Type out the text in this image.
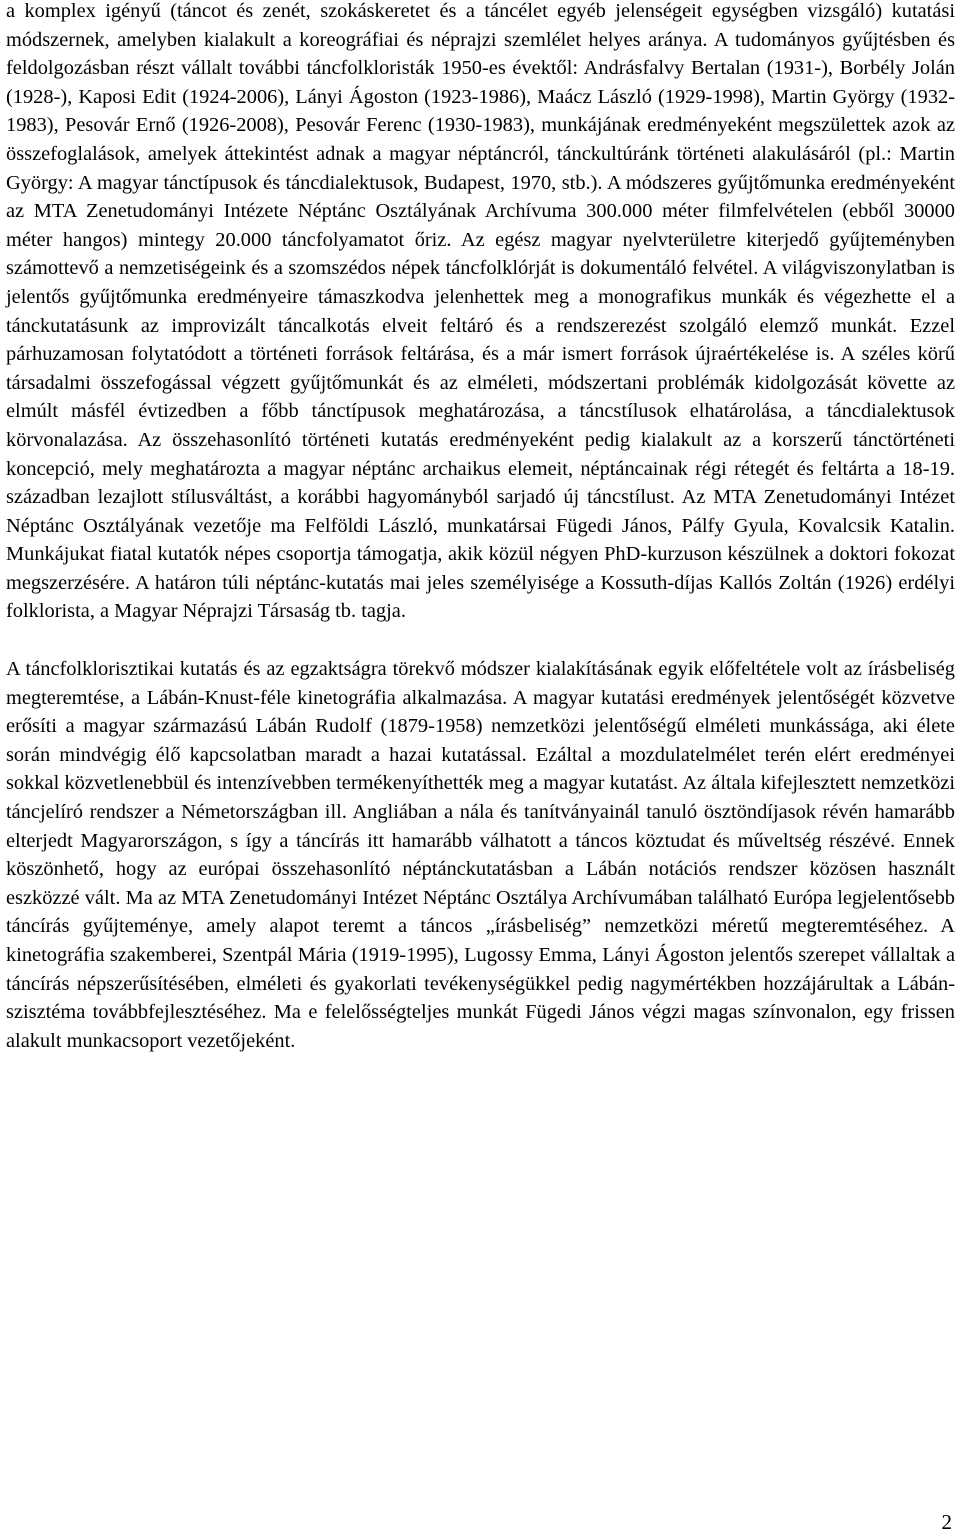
a komplex igényű (táncot és zenét, szokáskeretet és a táncélet egyéb jelenségeit egységben vizsgáló) kutatási módszernek, amelyben kialakult a koreográfiai és néprajzi szemlélet helyes aránya. A tudományos gyűjtésben és feldolgozásban részt vállalt további táncfolkloristák 1950-es évektől: Andrásfalvy Bertalan (1931-), Borbély Jolán (1928-), Kaposi Edit (1924-2006), Lányi Ágoston (1923-1986), Maácz László (1929-1998), Martin György (1932-1983), Pesovár Ernő (1926-2008), Pesovár Ferenc (1930-1983), munkájának eredményeként megszülettek azok az összefoglalások, amelyek áttekintést adnak a magyar néptáncról, tánckultúránk történeti alakulásáról (pl.: Martin György: A magyar tánctípusok és táncdialektusok, Budapest, 1970, stb.). A módszeres gyűjtőmunka eredményeként az MTA Zenetudományi Intézete Néptánc Osztályának Archívuma 300.000 méter filmfelvételen (ebből 30000 méter hangos) mintegy 20.000 táncfolyamatot őriz. Az egész magyar nyelvterületre kiterjedő gyűjteményben számottevő a nemzetiségeink és a szomszédos népek táncfolklórját is dokumentáló felvétel. A világviszonylatban is jelentős gyűjtőmunka eredményeire támaszkodva jelenhettek meg a monografikus munkák és végezhette el a tánckutatásunk az improvizált táncalkotás elveit feltáró és a rendszerezést szolgáló elemző munkát. Ezzel párhuzamosan folytatódott a történeti források feltárása, és a már ismert források újraértékelése is. A széles körű társadalmi összefogással végzett gyűjtőmunkát és az elméleti, módszertani problémák kidolgozását követte az elmúlt másfél évtizedben a főbb tánctípusok meghatározása, a táncstílusok elhatárolása, a táncdialektusok körvonalazása. Az összehasonlító történeti kutatás eredményeként pedig kialakult az a korszerű tánctörténeti koncepció, mely meghatározta a magyar néptánc archaikus elemeit, néptáncainak régi rétegét és feltárta a 18-19. században lezajlott stílusváltást, a korábbi hagyományból sarjadó új táncstílust. Az MTA Zenetudományi Intézet Néptánc Osztályának vezetője ma Felföldi László, munkatársai Fügedi János, Pálfy Gyula, Kovalcsik Katalin. Munkájukat fiatal kutatók népes csoportja támogatja, akik közül négyen PhD-kurzuson készülnek a doktori fokozat megszerzésére. A határon túli néptánc-kutatás mai jeles személyisége a Kossuth-díjas Kallós Zoltán (1926) erdélyi folklorista, a Magyar Néprajzi Társaság tb. tagja.

A táncfolklorisztikai kutatás és az egzaktságra törekvő módszer kialakításának egyik előfeltétele volt az írásbeliség megteremtése, a Lábán-Knust-féle kinetográfia alkalmazása. A magyar kutatási eredmények jelentőségét közvetve erősíti a magyar származású Lábán Rudolf (1879-1958) nemzetközi jelentőségű elméleti munkássága, aki élete során mindvégig élő kapcsolatban maradt a hazai kutatással. Ezáltal a mozdulatelmélet terén elért eredményei sokkal közvetlenebbül és intenzívebben termékenyíthették meg a magyar kutatást. Az általa kifejlesztett nemzetközi táncjelíró rendszer a Németországban ill. Angliában a nála és tanítványainál tanuló ösztöndíjasok révén hamarább elterjedt Magyarországon, s így a táncírás itt hamarább válhatott a táncos köztudat és műveltség részévé. Ennek köszönhető, hogy az európai összehasonlító néptánckutatásban a Lábán notációs rendszer közösen használt eszközzé vált. Ma az MTA Zenetudományi Intézet Néptánc Osztálya Archívumában található Európa legjelentősebb táncírás gyűjteménye, amely alapot teremt a táncos „írásbeliség” nemzetközi méretű megteremtéséhez. A kinetográfia szakemberei, Szentpál Mária (1919-1995), Lugossy Emma, Lányi Ágoston jelentős szerepet vállaltak a táncírás népszerűsítésében, elméleti és gyakorlati tevékenységükkel pedig nagymértékben hozzájárultak a Lábán-szisztéma továbbfejlesztéséhez. Ma e felelősségteljes munkát Fügedi János végzi magas színvonalon, egy frissen alakult munkacsoport vezetőjeként.

2
